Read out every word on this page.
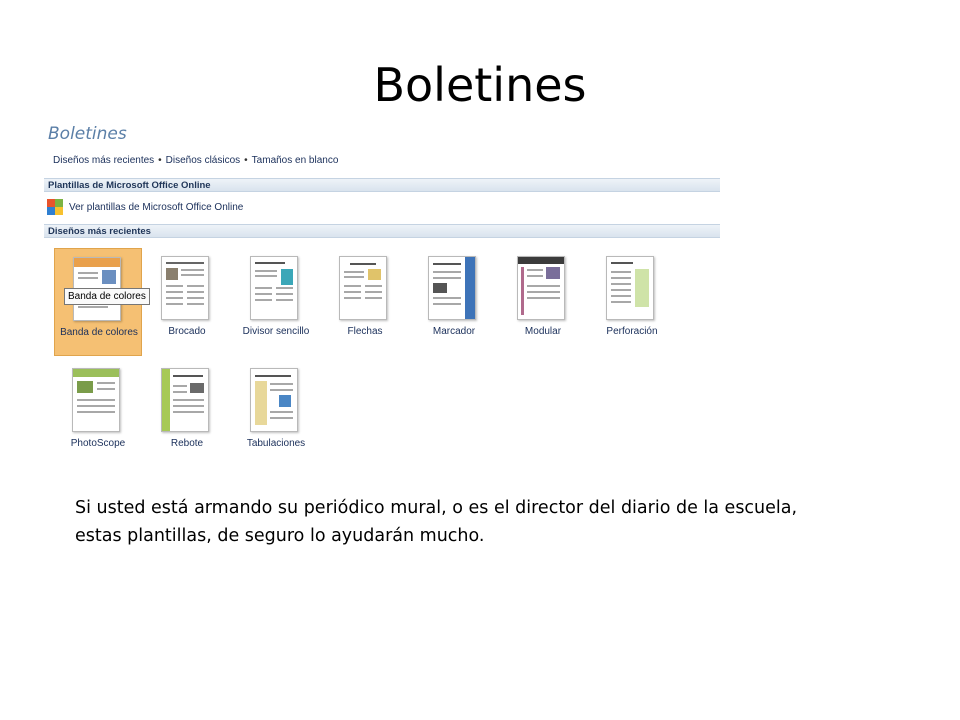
Boletines
Boletines
Diseños más recientes • Diseños clásicos • Tamaños en blanco
Plantillas de Microsoft Office Online
Ver plantillas de Microsoft Office Online
Diseños más recientes
Banda de colores	Brocado	Divisor sencillo	Flechas	Marcador	Modular	Perforación
PhotoScope	Rebote	Tabulaciones
Banda de colores
Si usted está armando su periódico mural, o es el director del diario de la escuela, estas plantillas, de seguro lo ayudarán mucho.
